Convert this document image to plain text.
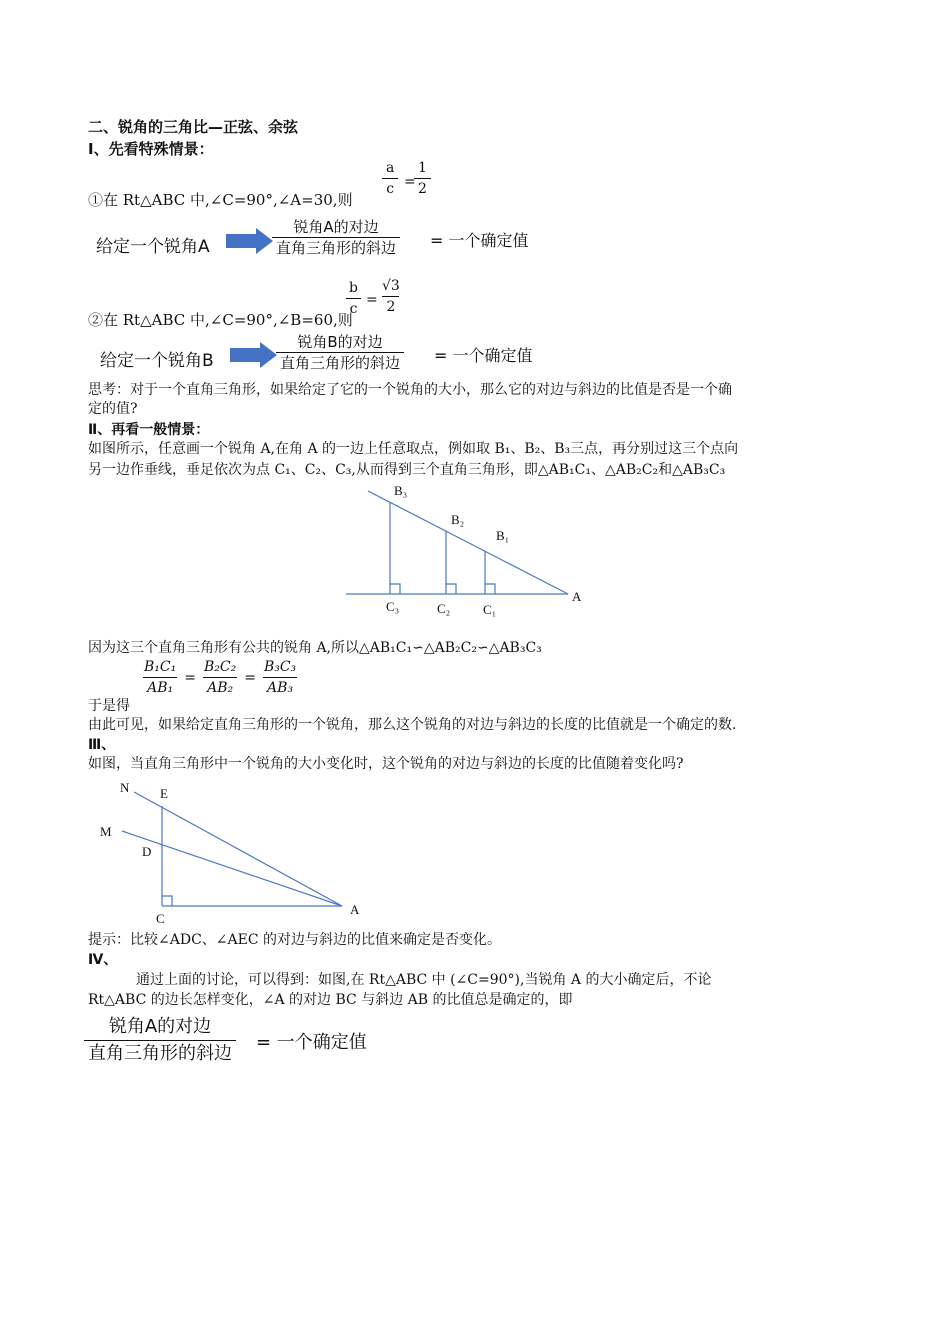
二、锐角的三角比—正弦、余弦
Ⅰ、先看特殊情景：
$\frac{a}{c}$ =
$\frac{1}{2}$
①在 Rt△ABC 中,∠C=90°,∠A=30,则
给定一个锐角A
锐角A的对边
直角三角形的斜边 = 一个确定值
$\frac{b}{c} = \frac{√3}{2}$
②在 Rt△ABC 中,∠C=90°,∠B=60,则
给定一个锐角B
锐角B的对边
直角三角形的斜边 = 一个确定值
思考：对于一个直角三角形，如果给定了它的一个锐角的大小，那么它的对边与斜边的比值是否是一个确
定的值?
Ⅱ、再看一般情景：
如图所示，任意画一个锐角 A,在角 A 的一边上任意取点，例如取 B₁、B₂、B₃三点，再分别过这三个点向
另一边作垂线，垂足依次为点 C₁、C₂、C₃,从而得到三个直角三角形，即△AB₁C₁、△AB₂C₂和△AB₃C₃
B₃
B₂
B₁
C₃	C₂	C₁
A
因为这三个直角三角形有公共的锐角 A,所以△AB₁C₁∽△AB₂C₂∽△AB₃C₃
$\frac{\text{B₁C₁}}{\text{AB₁}} = \frac{\text{B₂C₂}}{\text{AB₂}} = \frac{\text{B₃C₃}}{\text{AB₃}}$
于是得
由此可见，如果给定直角三角形的一个锐角，那么这个锐角的对边与斜边的长度的比值就是一个确定的数.
Ⅲ、
如图，当直角三角形中一个锐角的大小变化时，这个锐角的对边与斜边的长度的比值随着变化吗?
N E
M
D
C
A
提示：比较∠ADC、∠AEC 的对边与斜边的比值来确定是否变化。
Ⅳ、
通过上面的讨论，可以得到：如图,在 Rt△ABC 中 (∠C=90°),当锐角 A 的大小确定后，不论
Rt△ABC 的边长怎样变化，∠A 的对边 BC 与斜边 AB 的比值总是确定的，即
锐角A的对边
直角三角形的斜边
= 一个确定值
